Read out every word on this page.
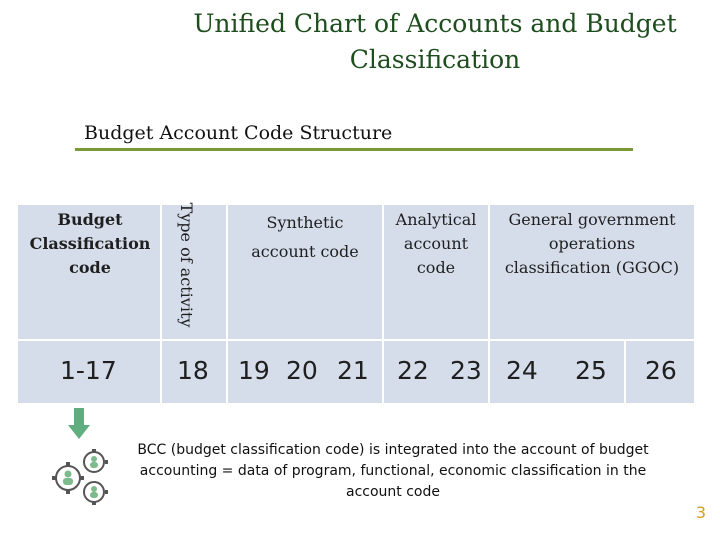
Unified Chart of Accounts and Budget
Classification
Budget Account Code Structure
Budget
Classification
code	Type of activity	Synthetic
account code
Analytical
account
code
General government
operations
classification (GGOC)
1-17 18 19 20 21 22 23 24 25 26
BCC (budget classification code) is integrated into the account of budget
accounting = data of program, functional, economic classification in the
account code
3
